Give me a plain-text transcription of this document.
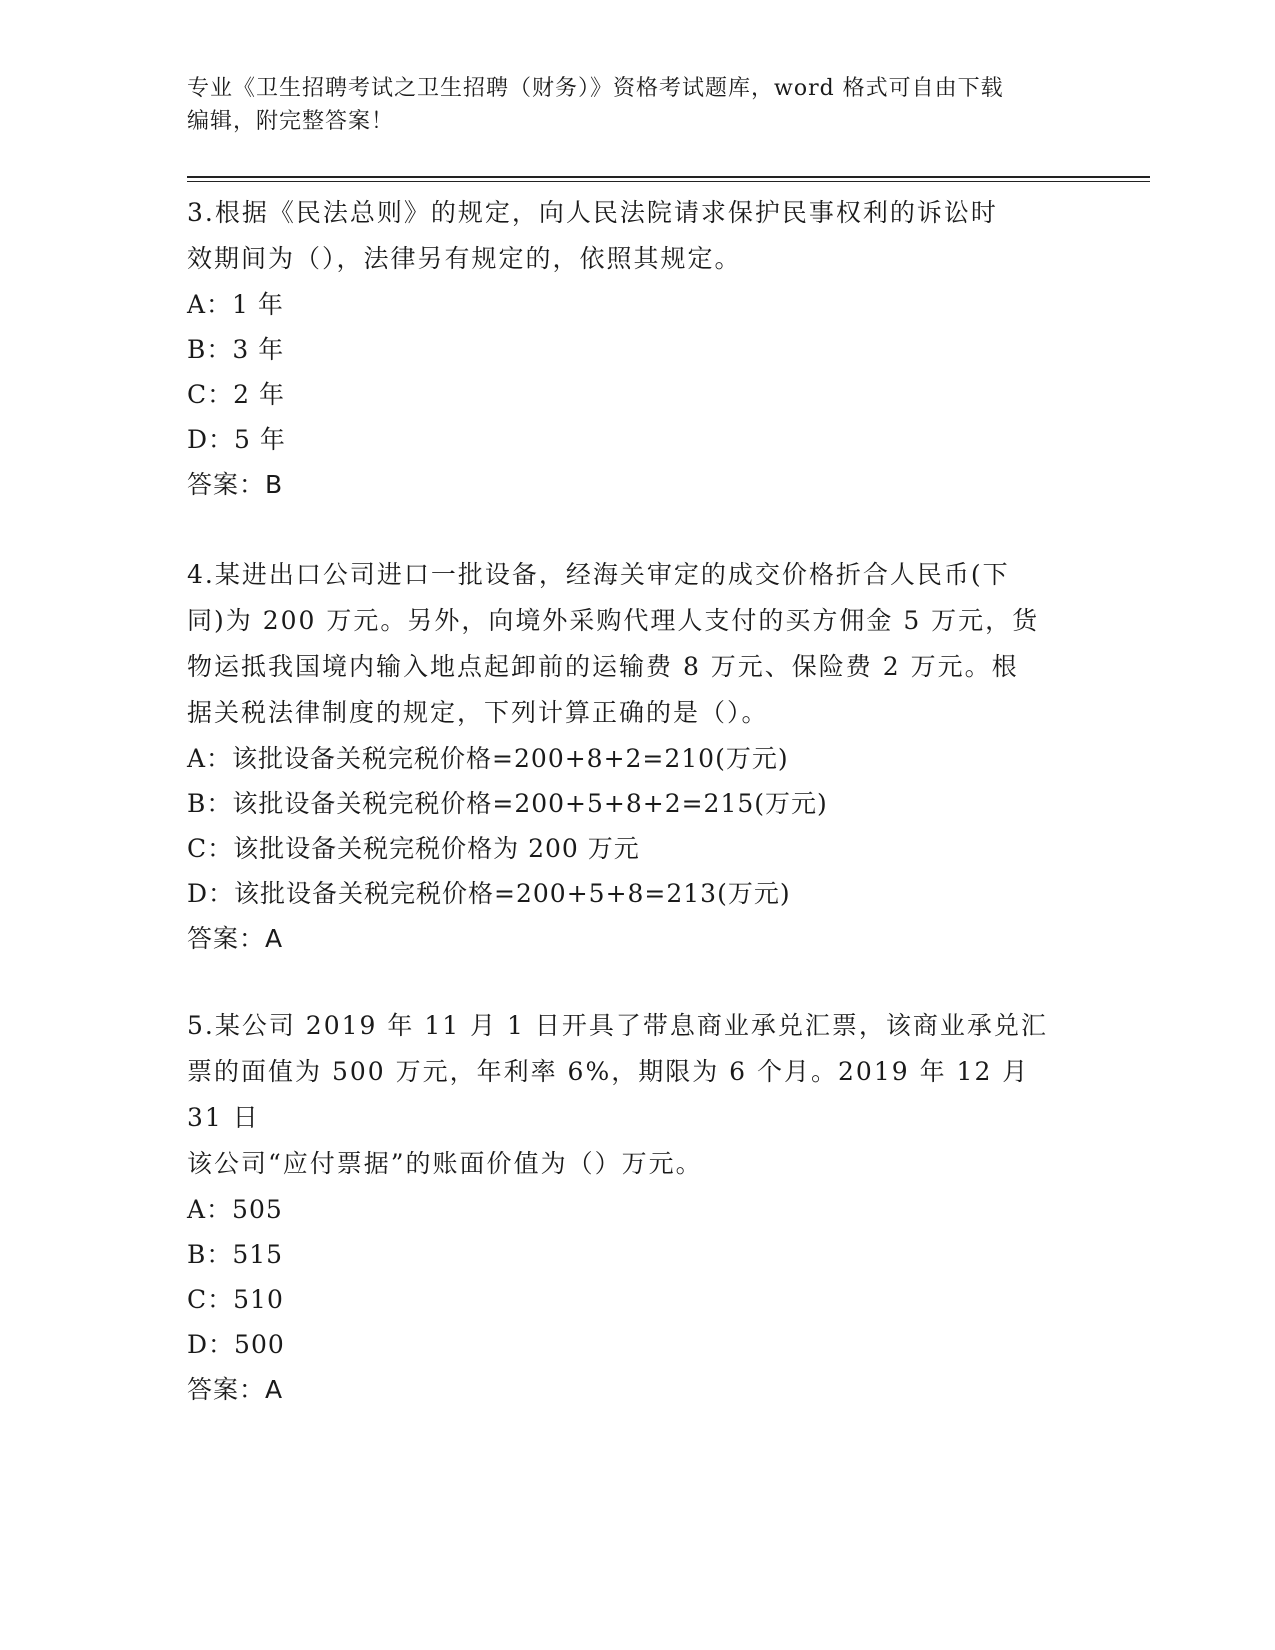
专业《卫生招聘考试之卫生招聘（财务）》资格考试题库，word 格式可自由下载
编辑，附完整答案！

3.根据《民法总则》的规定，向人民法院请求保护民事权利的诉讼时

效期间为（），法律另有规定的，依照其规定。

A：1 年

B：3 年

C：2 年

D：5 年

答案：B

4.某进出口公司进口一批设备，经海关审定的成交价格折合人民币(下

同)为 200 万元。另外，向境外采购代理人支付的买方佣金 5 万元，货

物运抵我国境内输入地点起卸前的运输费 8 万元、保险费 2 万元。根

据关税法律制度的规定，下列计算正确的是（）。

A：该批设备关税完税价格=200+8+2=210(万元)

B：该批设备关税完税价格=200+5+8+2=215(万元)

C：该批设备关税完税价格为 200 万元

D：该批设备关税完税价格=200+5+8=213(万元)

答案：A

5.某公司 2019 年 11 月 1 日开具了带息商业承兑汇票，该商业承兑汇

票的面值为 500 万元，年利率 6%，期限为 6 个月。2019 年 12 月 31 日

该公司“应付票据”的账面价值为（）万元。

A：505

B：515

C：510

D：500

答案：A
